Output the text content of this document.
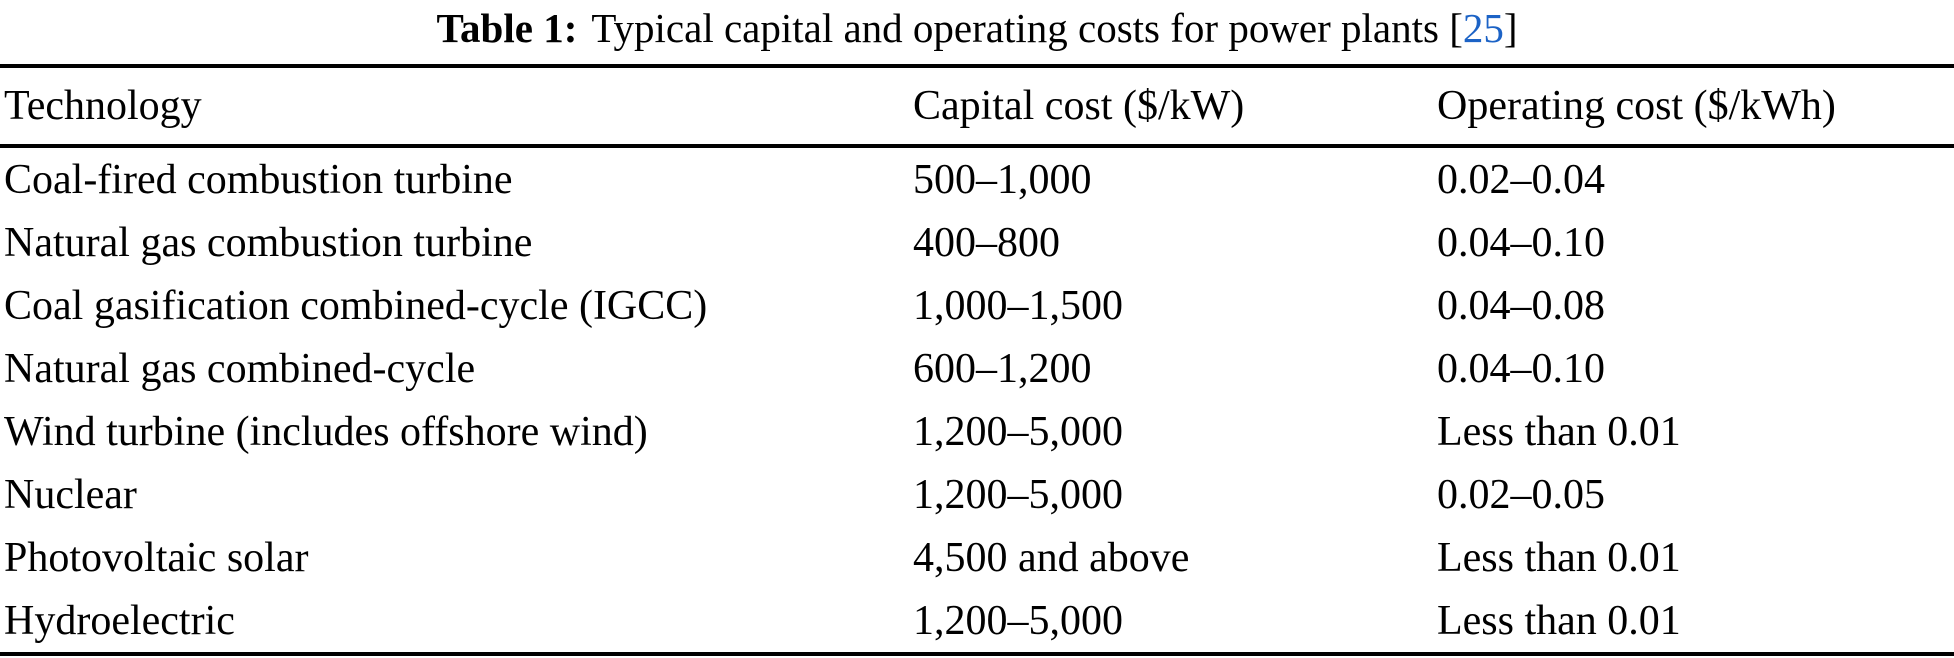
Table 1: Typical capital and operating costs for power plants [25]
Technology	Capital cost ($/kW)	Operating cost ($/kWh)
Coal-fired combustion turbine	500–1,000	0.02–0.04
Natural gas combustion turbine	400–800	0.04–0.10
Coal gasification combined-cycle (IGCC)	1,000–1,500	0.04–0.08
Natural gas combined-cycle	600–1,200	0.04–0.10
Wind turbine (includes offshore wind)	1,200–5,000	Less than 0.01
Nuclear	1,200–5,000	0.02–0.05
Photovoltaic solar	4,500 and above	Less than 0.01
Hydroelectric	1,200–5,000	Less than 0.01
